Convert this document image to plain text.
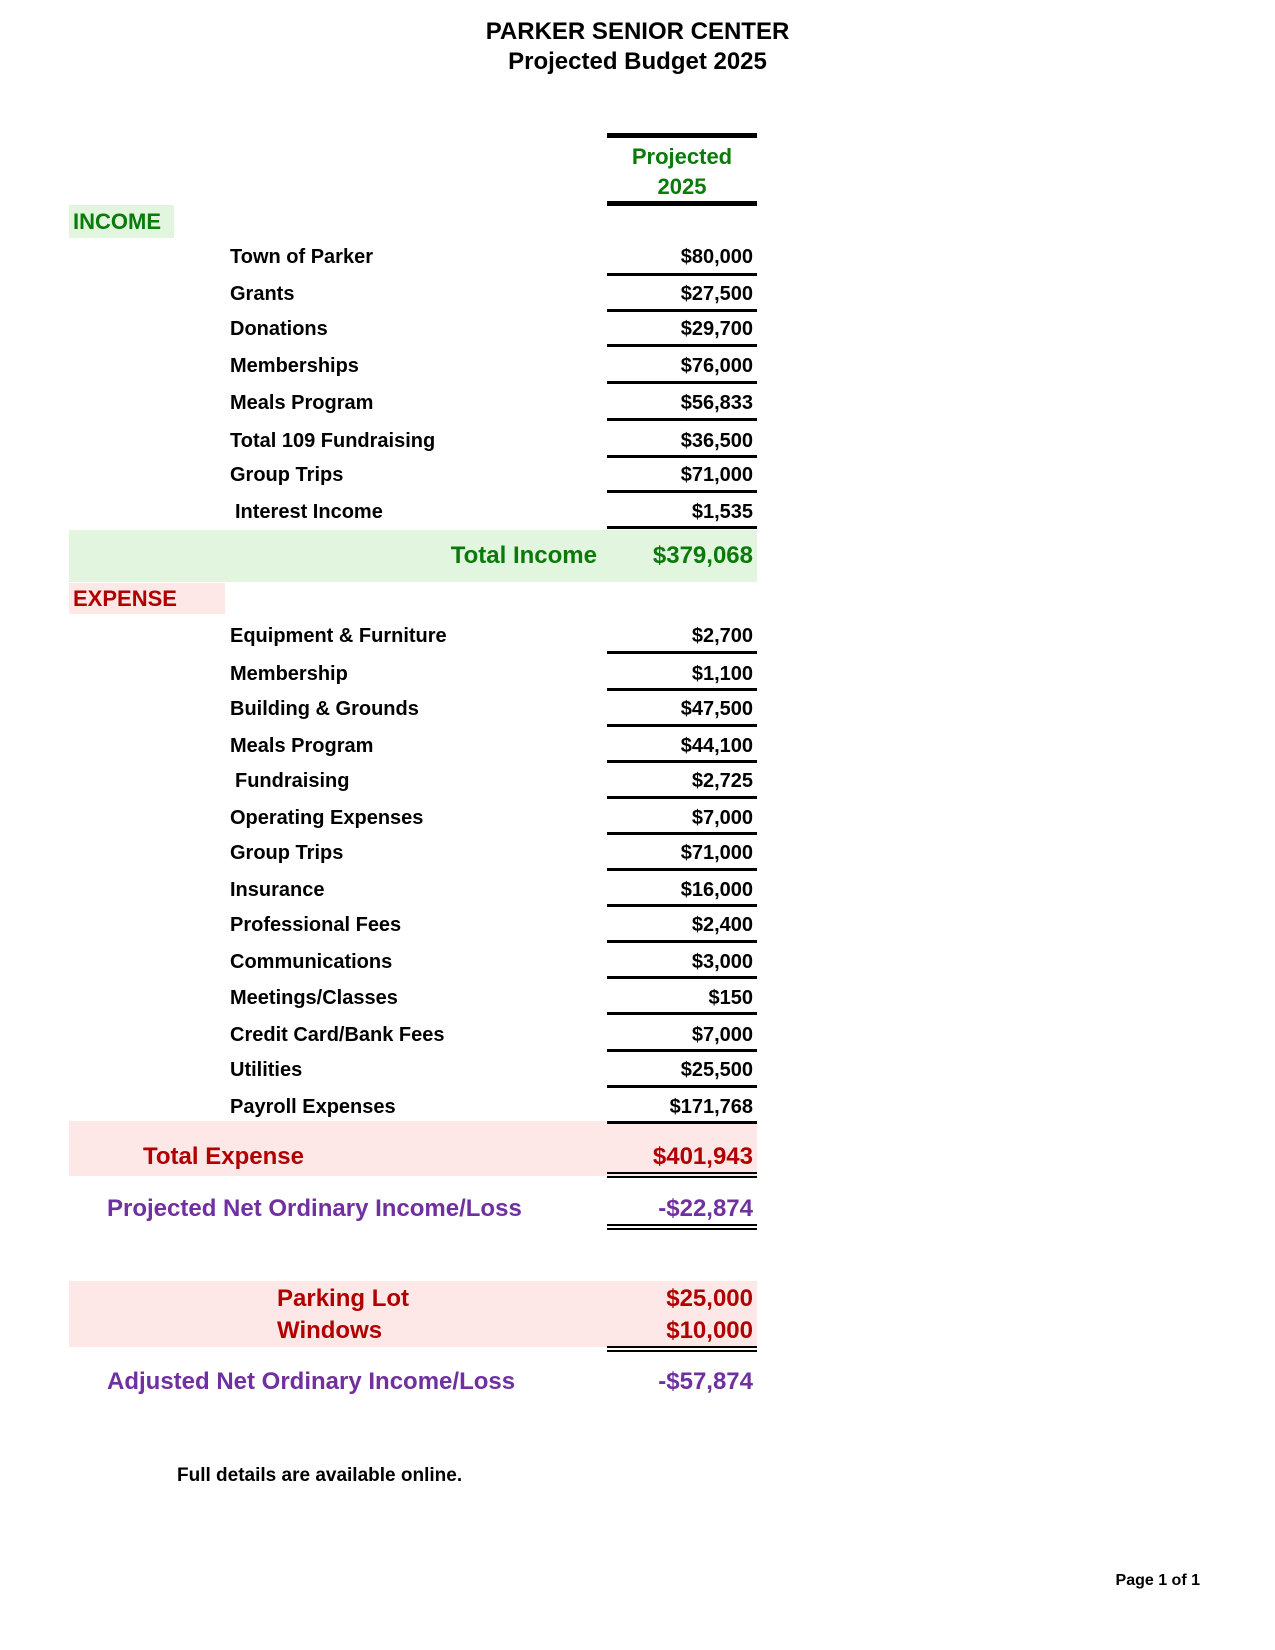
PARKER SENIOR CENTER
Projected Budget 2025
Projected
2025
INCOME
Town of Parker	$80,000
Grants	$27,500
Donations	$29,700
Memberships	$76,000
Meals Program	$56,833
Total 109 Fundraising	$36,500
Group Trips	$71,000
Interest Income	$1,535
Total Income	$379,068
EXPENSE
Equipment & Furniture	$2,700
Membership	$1,100
Building & Grounds	$47,500
Meals Program	$44,100
Fundraising	$2,725
Operating Expenses	$7,000
Group Trips	$71,000
Insurance	$16,000
Professional Fees	$2,400
Communications	$3,000
Meetings/Classes	$150
Credit Card/Bank Fees	$7,000
Utilities	$25,500
Payroll Expenses	$171,768
Total Expense	$401,943
Projected Net Ordinary Income/Loss	-$22,874
Parking Lot	$25,000
Windows	$10,000
Adjusted Net Ordinary Income/Loss	-$57,874
Full details are available online.
Page 1 of 1
